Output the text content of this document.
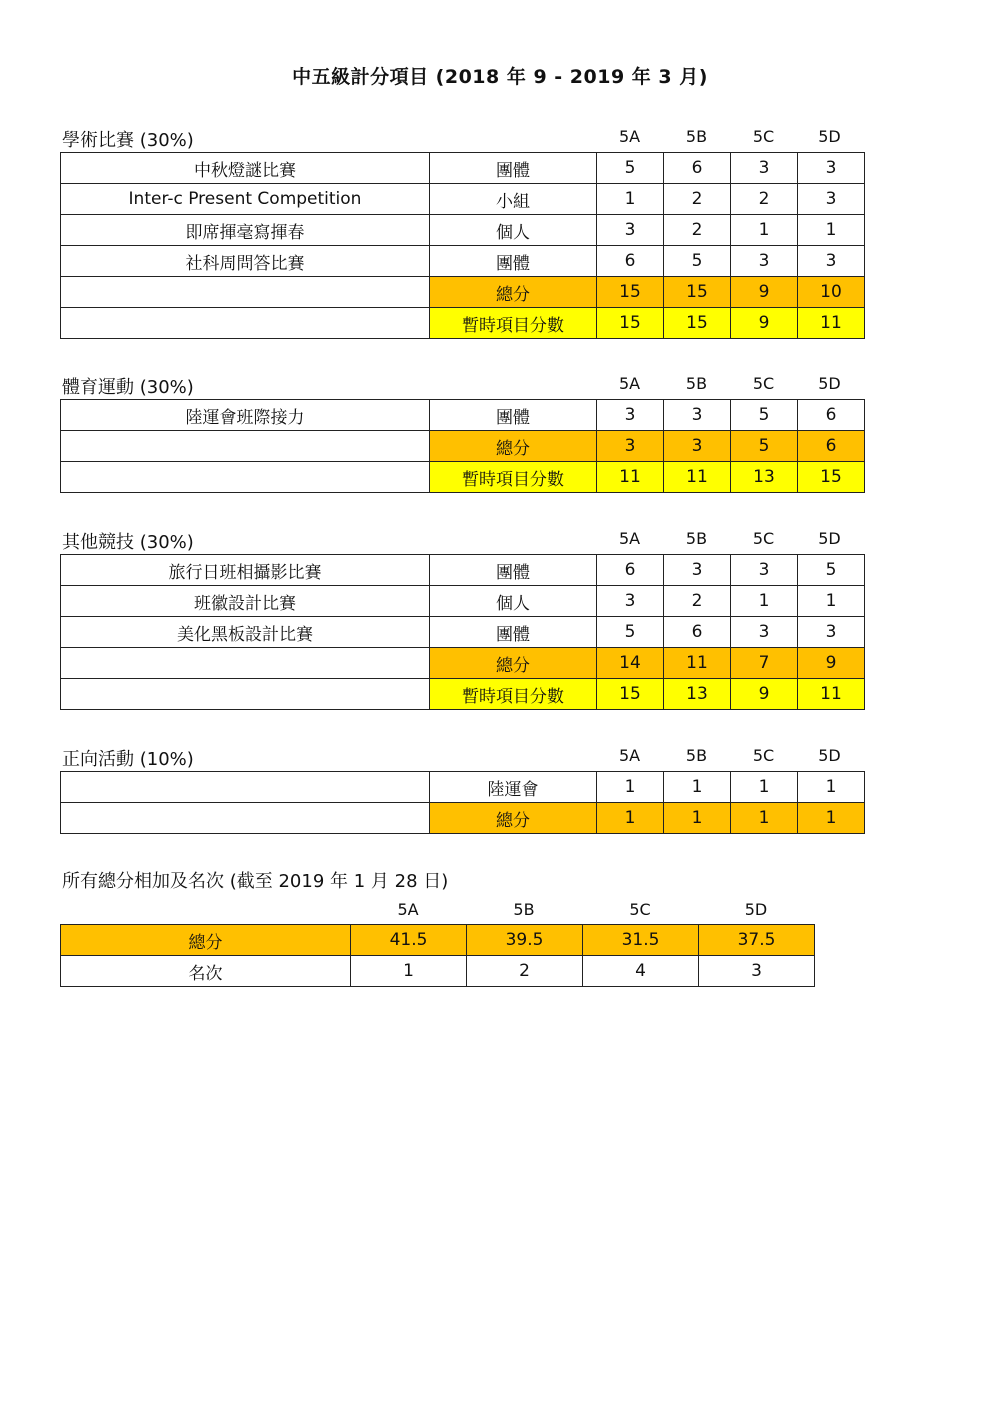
中五級計分項目 (2018 年 9 - 2019 年 3 月)
學術比賽 (30%)	5A	5B	5C	5D
中秋燈謎比賽	團體	5	6	3	3
Inter-c Present Competition	小組	1	2	2	3
即席揮毫寫揮春	個人	3	2	1	1
社科周問答比賽	團體	6	5	3	3
	總分	15	15	9	10
	暫時項目分數	15	15	9	11
體育運動 (30%)	5A	5B	5C	5D
陸運會班際接力	團體	3	3	5	6
	總分	3	3	5	6
	暫時項目分數	11	11	13	15
其他競技 (30%)	5A	5B	5C	5D
旅行日班相攝影比賽	團體	6	3	3	5
班徽設計比賽	個人	3	2	1	1
美化黑板設計比賽	團體	5	6	3	3
	總分	14	11	7	9
	暫時項目分數	15	13	9	11
正向活動 (10%)	5A	5B	5C	5D
	陸運會	1	1	1	1
	總分	1	1	1	1
所有總分相加及名次 (截至 2019 年 1 月 28 日)
5A	5B	5C	5D
總分	41.5	39.5	31.5	37.5
名次	1	2	4	3
